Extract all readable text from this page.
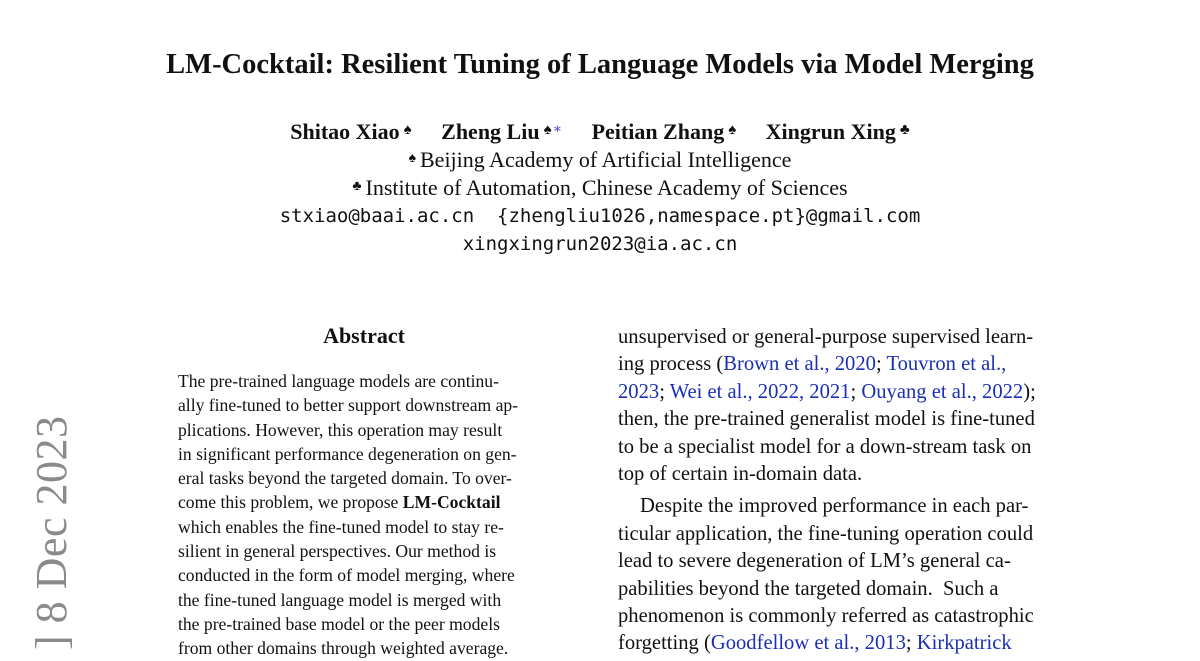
LM-Cocktail: Resilient Tuning of Language Models via Model Merging
Shitao Xiao ♠ Zheng Liu ♠∗ Peitian Zhang ♠ Xingrun Xing ♣
♠ Beijing Academy of Artificial Intelligence
♣ Institute of Automation, Chinese Academy of Sciences
stxiao@baai.ac.cn  {zhengliu1026,namespace.pt}@gmail.com
xingxingrun2023@ia.ac.cn
] 8 Dec 2023
Abstract
The pre-trained language models are continu-
ally fine-tuned to better support downstream ap-
plications. However, this operation may result
in significant performance degeneration on gen-
eral tasks beyond the targeted domain. To over-
come this problem, we propose LM-Cocktail
which enables the fine-tuned model to stay re-
silient in general perspectives. Our method is
conducted in the form of model merging, where
the fine-tuned language model is merged with
the pre-trained base model or the peer models
from other domains through weighted average.
unsupervised or general-purpose supervised learn-
ing process (Brown et al., 2020; Touvron et al.,
2023; Wei et al., 2022, 2021; Ouyang et al., 2022);
then, the pre-trained generalist model is fine-tuned
to be a specialist model for a down-stream task on
top of certain in-domain data.
Despite the improved performance in each par-
ticular application, the fine-tuning operation could
lead to severe degeneration of LM’s general ca-
pabilities beyond the targeted domain.  Such a
phenomenon is commonly referred as catastrophic
forgetting (Goodfellow et al., 2013; Kirkpatrick
